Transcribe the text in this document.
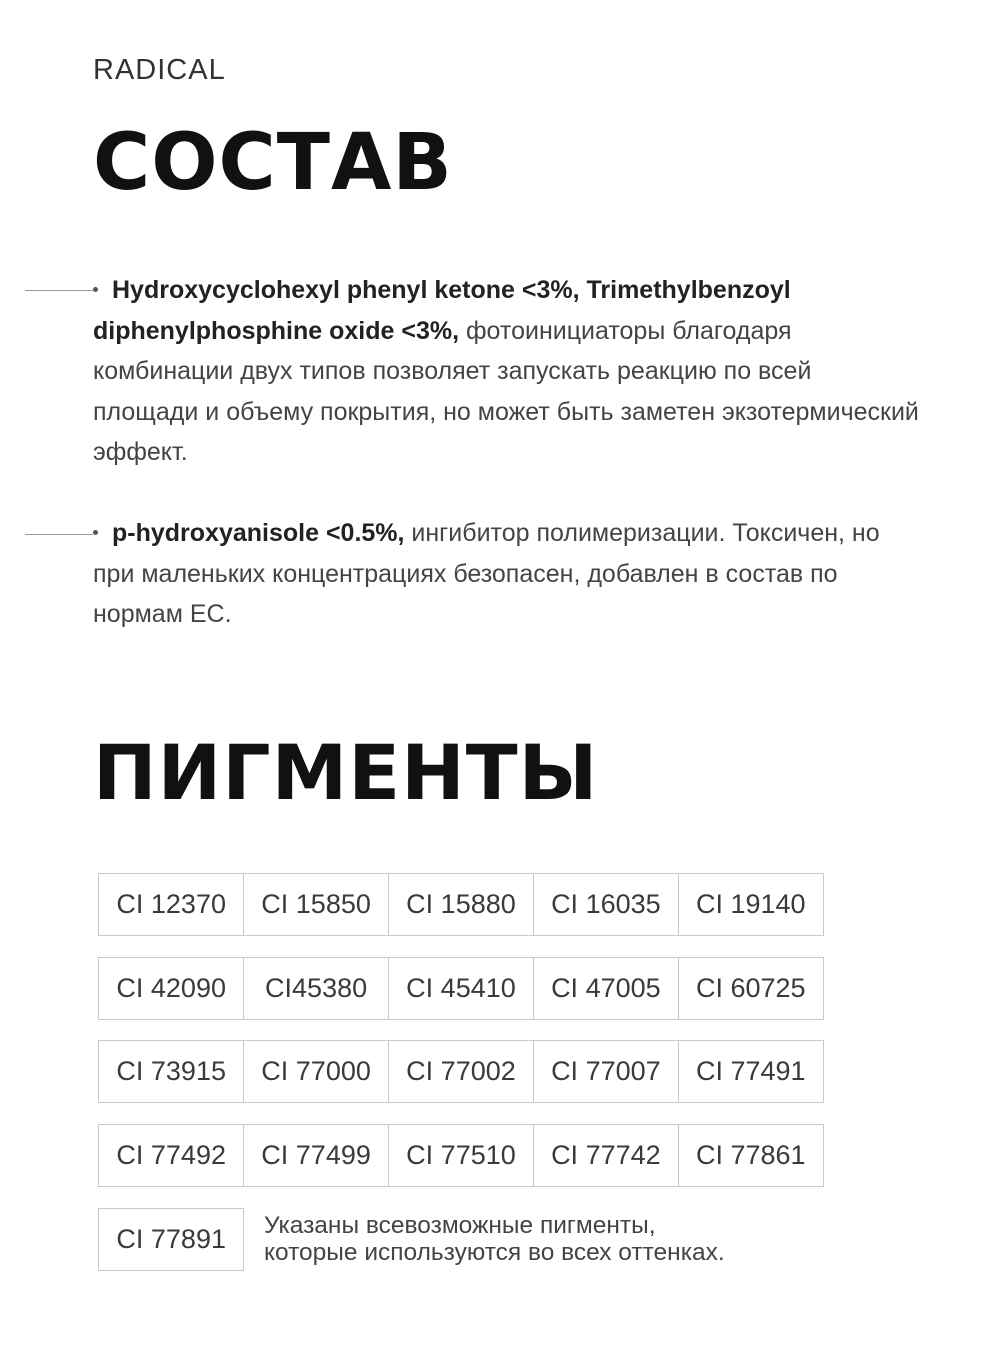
RADICAL
СОСТАВ
Hydroxycyclohexyl phenyl ketone <3%, Trimethylbenzoyl diphenylphosphine oxide <3%, фотоинициаторы благодаря комбинации двух типов позволяет запускать реакцию по всей площади и объему покрытия, но может быть заметен экзотермический эффект.
p-hydroxyanisole <0.5%, ингибитор полимеризации. Токсичен, но при маленьких концентрациях безопасен, добавлен в состав по нормам ЕС.
ПИГМЕНТЫ
CI 12370	CI 15850	CI 15880	CI 16035	CI 19140
CI 42090	CI45380	CI 45410	CI 47005	CI 60725
CI 73915	CI 77000	CI 77002	CI 77007	CI 77491
CI 77492	CI 77499	CI 77510	CI 77742	CI 77861
CI 77891	Указаны всевозможные пигменты,
которые используются во всех оттенках.
